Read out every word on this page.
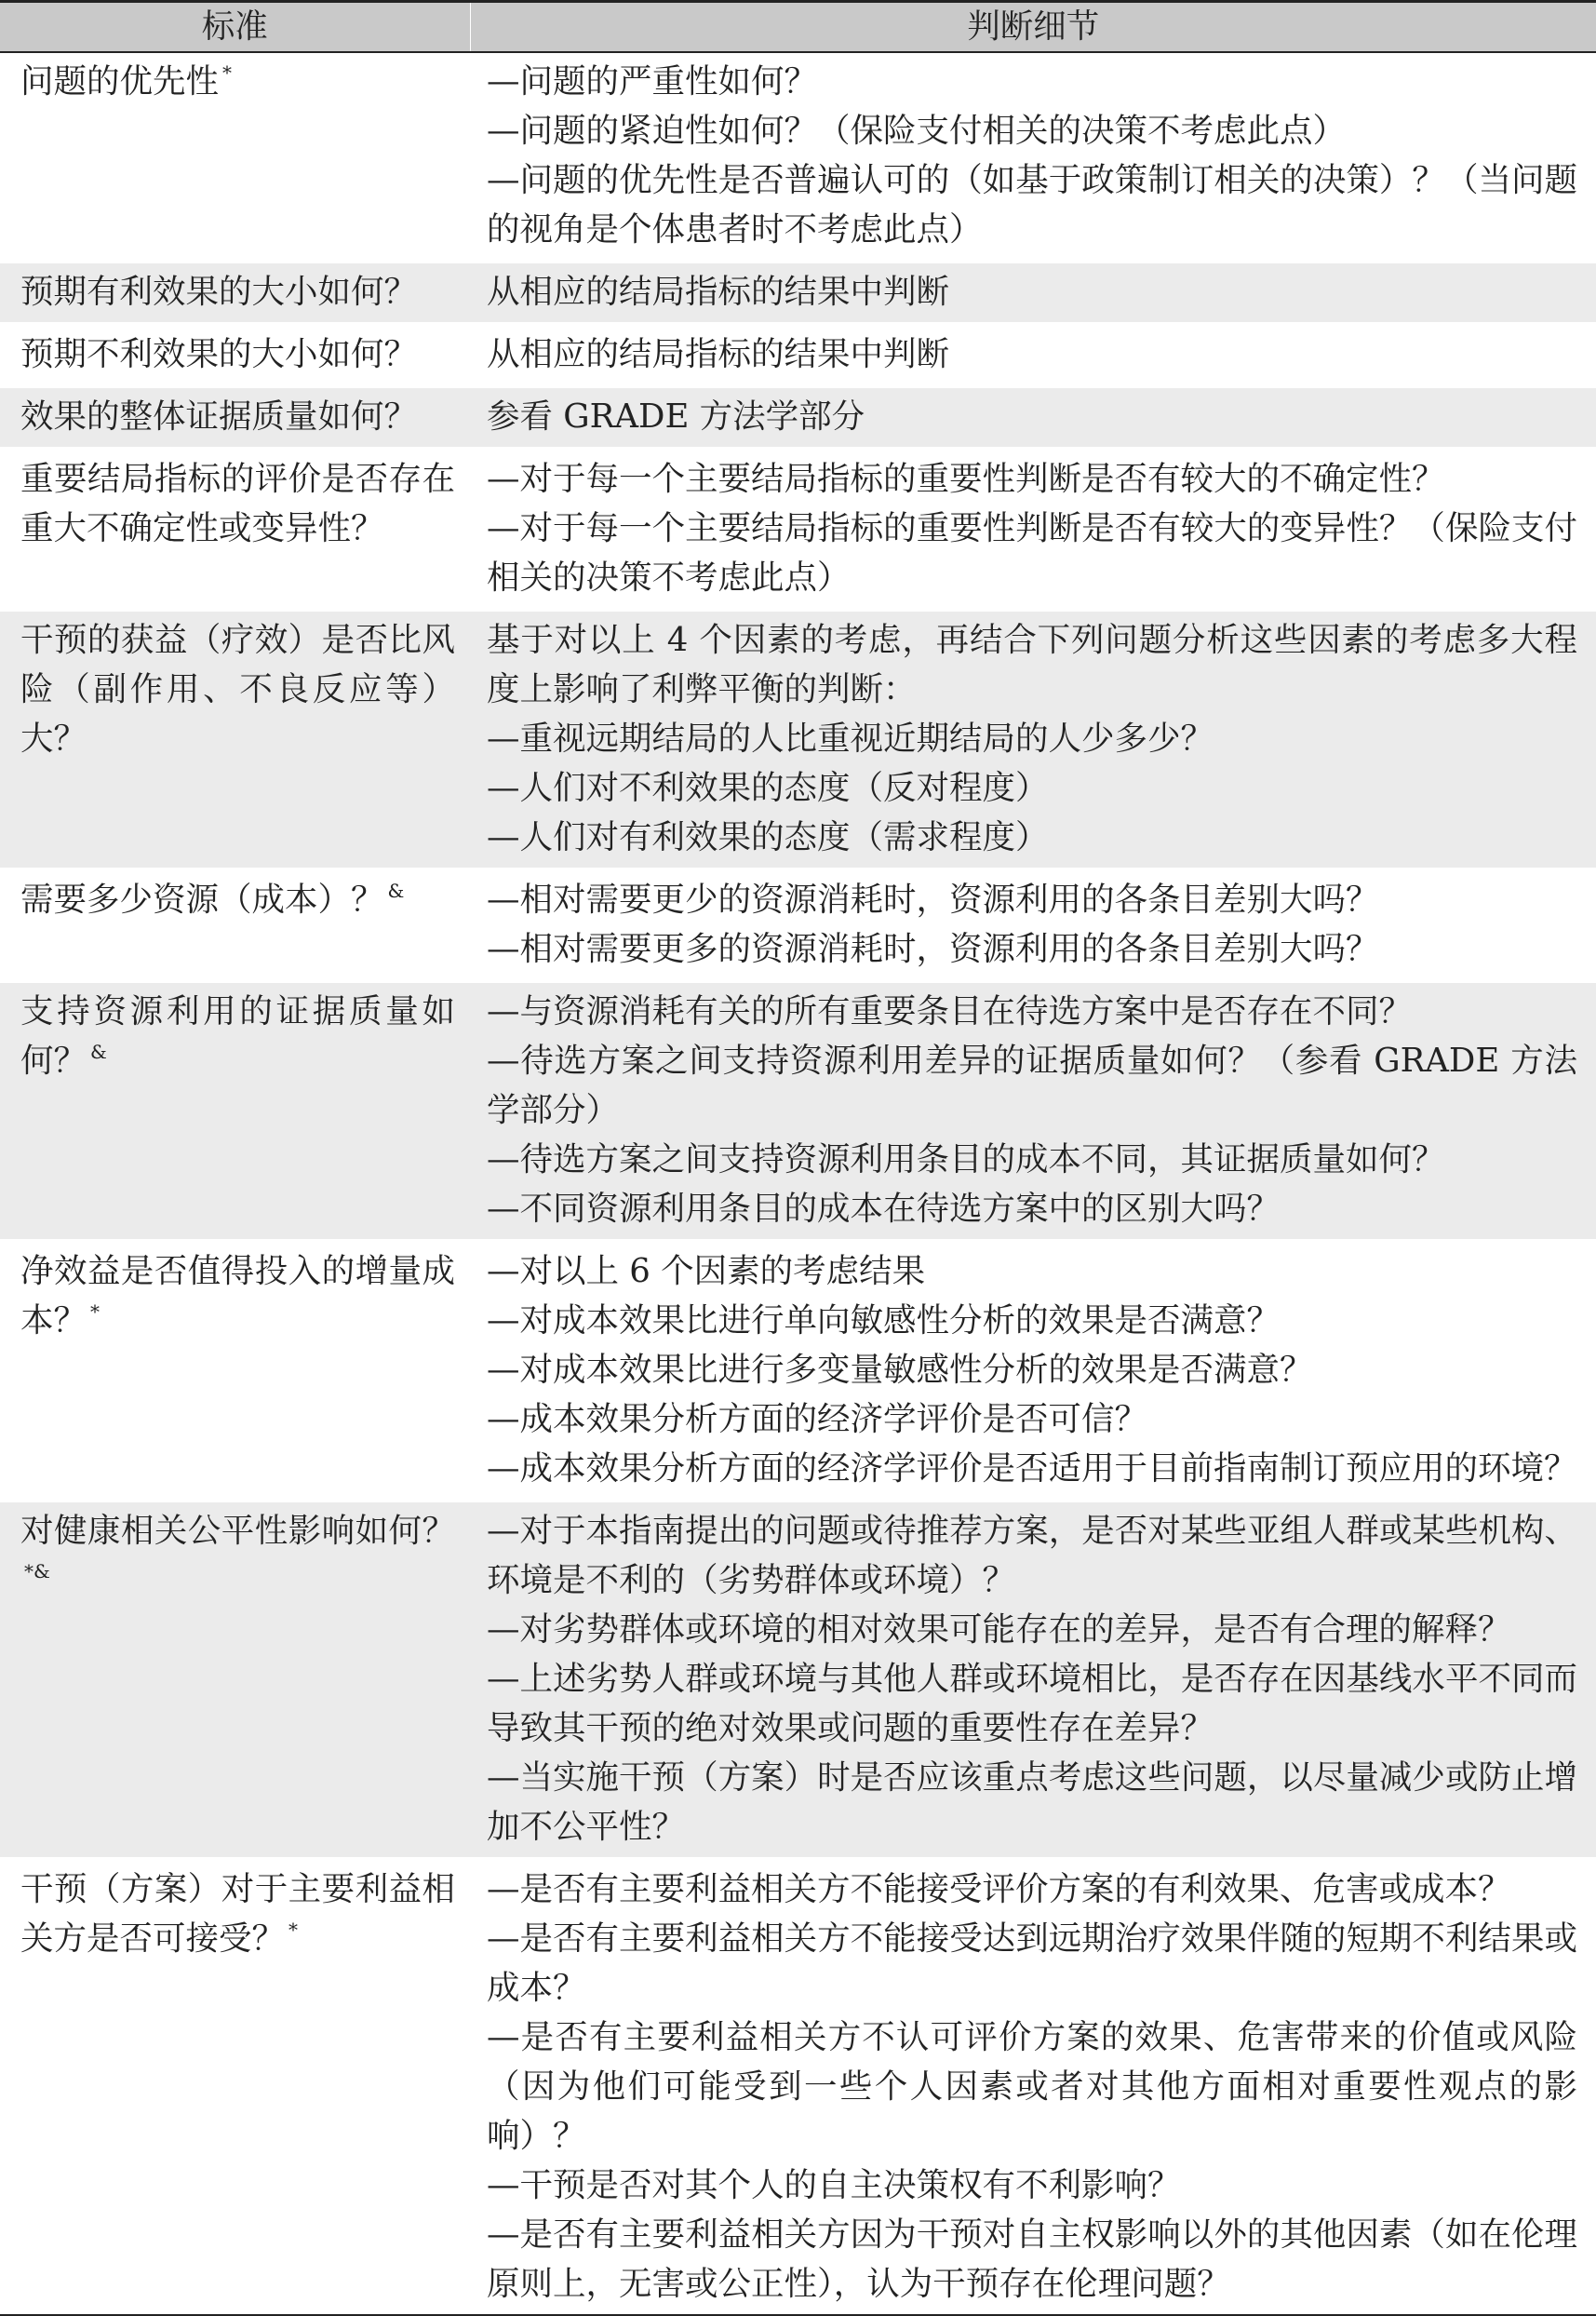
标准	判断细节
问题的优先性 *	—问题的严重性如何？
—问题的紧迫性如何？（保险支付相关的决策不考虑此点）
—问题的优先性是否普遍认可的（如基于政策制订相关的决策）？（当问题的视角是个体患者时不考虑此点）

预期有利效果的大小如何？	从相应的结局指标的结果中判断

预期不利效果的大小如何？	从相应的结局指标的结果中判断

效果的整体证据质量如何？	参看 GRADE 方法学部分

重要结局指标的评价是否存在重大不确定性或变异性？	—对于每一个主要结局指标的重要性判断是否有较大的不确定性？
—对于每一个主要结局指标的重要性判断是否有较大的变异性？（保险支付相关的决策不考虑此点）

干预的获益（疗效）是否比风险（副作用、不良反应等）大？	基于对以上 4 个因素的考虑，再结合下列问题分析这些因素的考虑多大程度上影响了利弊平衡的判断：
—重视远期结局的人比重视近期结局的人少多少？
—人们对不利效果的态度（反对程度）
—人们对有利效果的态度（需求程度）

需要多少资源（成本）？ &	—相对需要更少的资源消耗时，资源利用的各条目差别大吗？
—相对需要更多的资源消耗时，资源利用的各条目差别大吗？

支持资源利用的证据质量如何？ &	—与资源消耗有关的所有重要条目在待选方案中是否存在不同？
—待选方案之间支持资源利用差异的证据质量如何？（参看 GRADE 方法学部分）
—待选方案之间支持资源利用条目的成本不同，其证据质量如何？
—不同资源利用条目的成本在待选方案中的区别大吗？

净效益是否值得投入的增量成本？ *	—对以上 6 个因素的考虑结果
—对成本效果比进行单向敏感性分析的效果是否满意？
—对成本效果比进行多变量敏感性分析的效果是否满意？
—成本效果分析方面的经济学评价是否可信？
—成本效果分析方面的经济学评价是否适用于目前指南制订预应用的环境？

对健康相关公平性影响如何？*&	—对于本指南提出的问题或待推荐方案，是否对某些亚组人群或某些机构、环境是不利的（劣势群体或环境）？
—对劣势群体或环境的相对效果可能存在的差异，是否有合理的解释？
—上述劣势人群或环境与其他人群或环境相比，是否存在因基线水平不同而导致其干预的绝对效果或问题的重要性存在差异？
—当实施干预（方案）时是否应该重点考虑这些问题，以尽量减少或防止增加不公平性？

干预（方案）对于主要利益相关方是否可接受？ *	—是否有主要利益相关方不能接受评价方案的有利效果、危害或成本？
—是否有主要利益相关方不能接受达到远期治疗效果伴随的短期不利结果或成本？
—是否有主要利益相关方不认可评价方案的效果、危害带来的价值或风险（因为他们可能受到一些个人因素或者对其他方面相对重要性观点的影响）？
—干预是否对其个人的自主决策权有不利影响？
—是否有主要利益相关方因为干预对自主权影响以外的其他因素（如在伦理原则上，无害或公正性），认为干预存在伦理问题？
